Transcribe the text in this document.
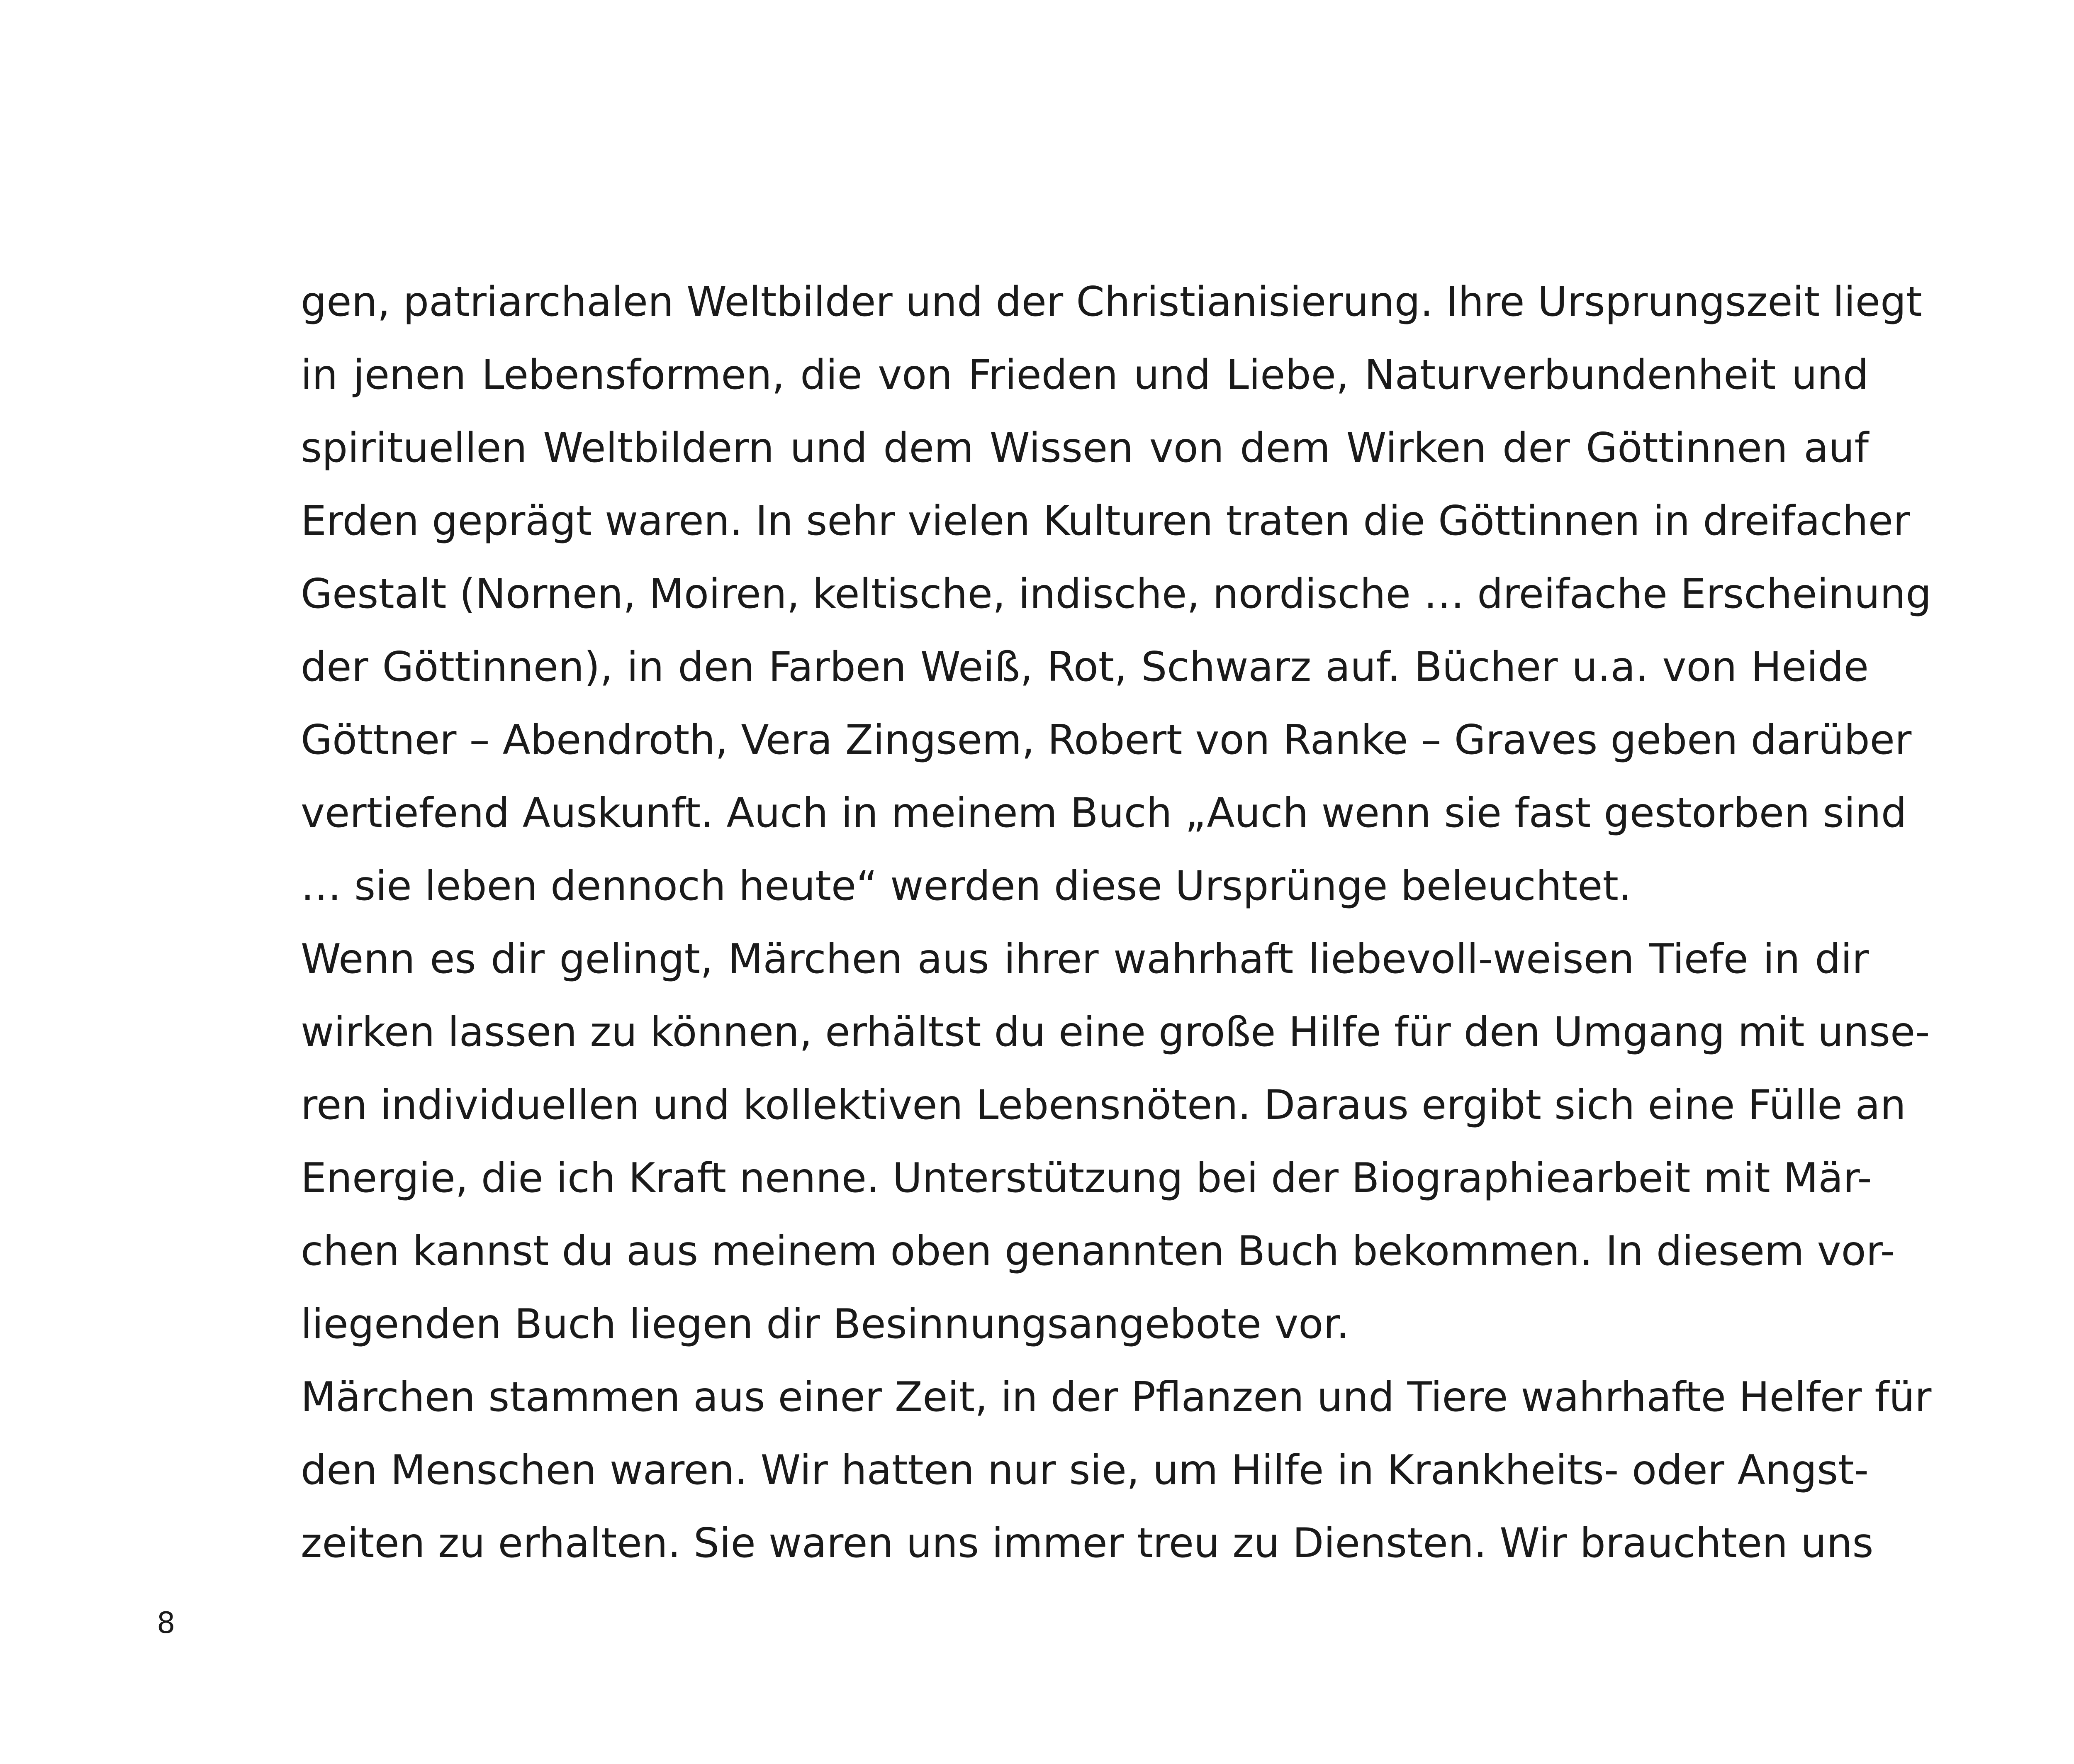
gen, patriarchalen Weltbilder und der Christianisierung. Ihre Ursprungszeit liegt
in jenen Lebensformen, die von Frieden und Liebe, Naturverbundenheit und
spirituellen Weltbildern und dem Wissen von dem Wirken der Göttinnen auf
Erden geprägt waren. In sehr vielen Kulturen traten die Göttinnen in dreifacher
Gestalt (Nornen, Moiren, keltische, indische, nordische … dreifache Erscheinung
der Göttinnen), in den Farben Weiß, Rot, Schwarz auf. Bücher u.a. von Heide
Göttner – Abendroth, Vera Zingsem, Robert von Ranke – Graves geben darüber
vertiefend Auskunft. Auch in meinem Buch „Auch wenn sie fast gestorben sind
… sie leben dennoch heute“ werden diese Ursprünge beleuchtet.
Wenn es dir gelingt, Märchen aus ihrer wahrhaft liebevoll-weisen Tiefe in dir
wirken lassen zu können, erhältst du eine große Hilfe für den Umgang mit unse-
ren individuellen und kollektiven Lebensnöten. Daraus ergibt sich eine Fülle an
Energie, die ich Kraft nenne. Unterstützung bei der Biographiearbeit mit Mär-
chen kannst du aus meinem oben genannten Buch bekommen. In diesem vor-
liegenden Buch liegen dir Besinnungsangebote vor.
Märchen stammen aus einer Zeit, in der Pflanzen und Tiere wahrhafte Helfer für
den Menschen waren. Wir hatten nur sie, um Hilfe in Krankheits- oder Angst-
zeiten zu erhalten. Sie waren uns immer treu zu Diensten. Wir brauchten uns
8
